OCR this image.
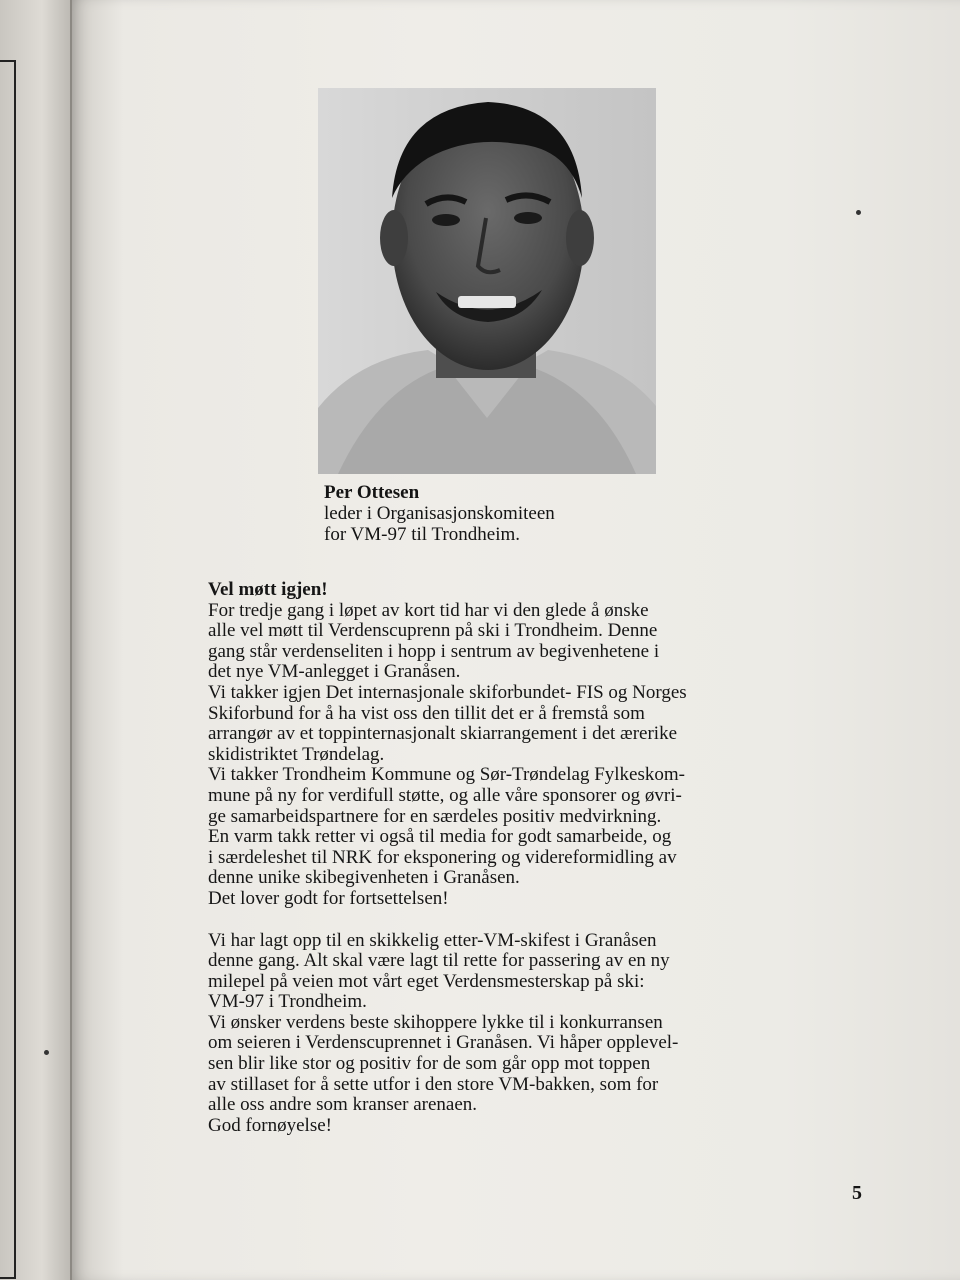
Per Ottesen
leder i Organisasjonskomiteen
for VM-97 til Trondheim.

Vel møtt igjen!

For tredje gang i løpet av kort tid har vi den glede å ønske

alle vel møtt til Verdenscuprenn på ski i Trondheim. Denne

gang står verdenseliten i hopp i sentrum av begivenhetene i

det nye VM-anlegget i Granåsen.

Vi takker igjen Det internasjonale skiforbundet- FIS og Norges

Skiforbund for å ha vist oss den tillit det er å fremstå som

arrangør av et toppinternasjonalt skiarrangement i det ærerike

skidistriktet Trøndelag.

Vi takker Trondheim Kommune og Sør-Trøndelag Fylkeskom-

mune på ny for verdifull støtte, og alle våre sponsorer og øvri-

ge samarbeidspartnere for en særdeles positiv medvirkning.

En varm takk retter vi også til media for godt samarbeide, og

i særdeleshet til NRK for eksponering og videreformidling av

denne unike skibegivenheten i Granåsen.

Det lover godt for fortsettelsen!

Vi har lagt opp til en skikkelig etter-VM-skifest i Granåsen

denne gang. Alt skal være lagt til rette for passering av en ny

milepel på veien mot vårt eget Verdensmesterskap på ski:

VM-97 i Trondheim.

Vi ønsker verdens beste skihoppere lykke til i konkurransen

om seieren i Verdenscuprennet i Granåsen. Vi håper opplevel-

sen blir like stor og positiv for de som går opp mot toppen

av stillaset for å sette utfor i den store VM-bakken, som for

alle oss andre som kranser arenaen.

God fornøyelse!

5
